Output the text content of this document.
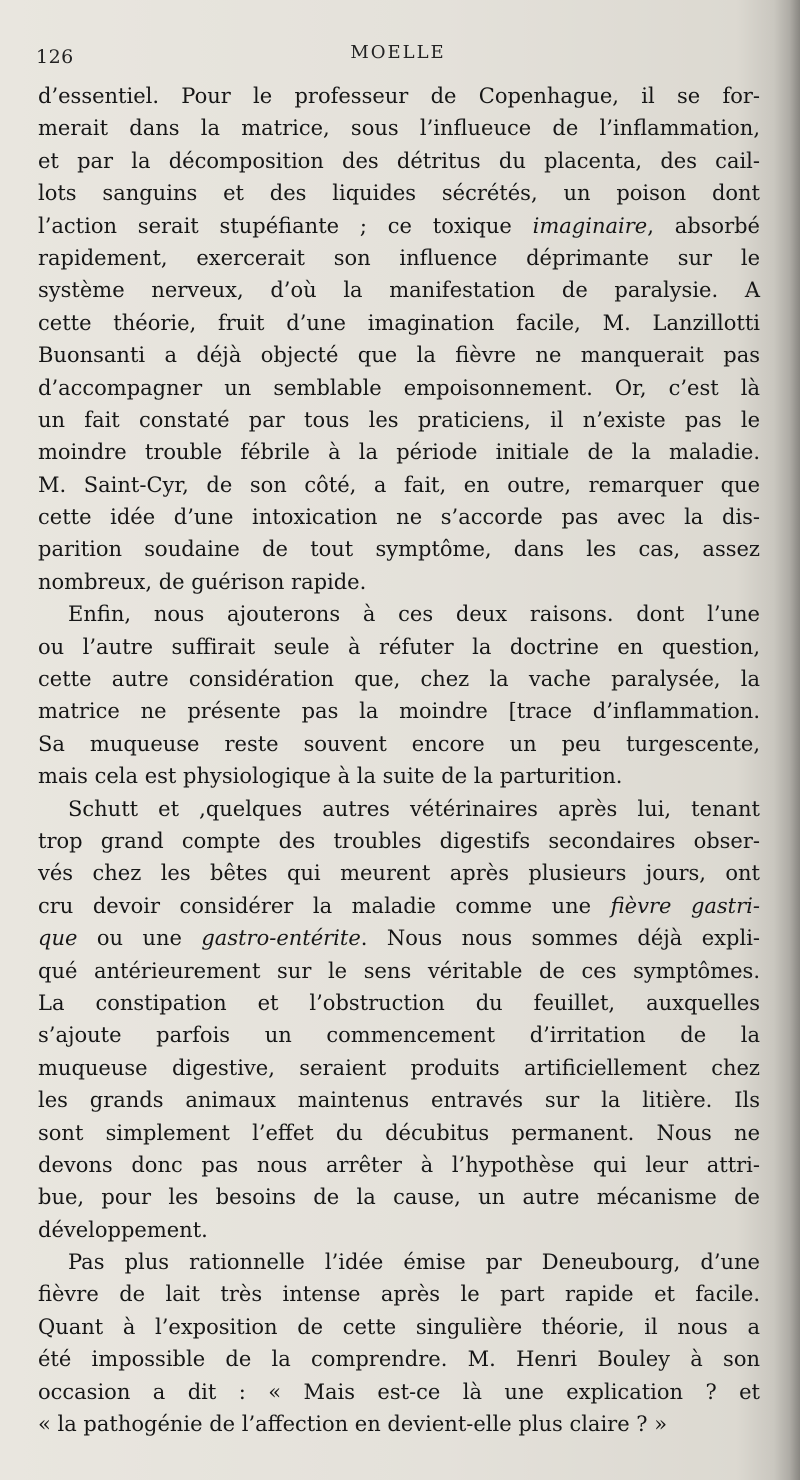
126	MOELLE
d’essentiel. Pour le professeur de Copenhague, il se for-
merait dans la matrice, sous l’influeuce de l’inflammation,
et par la décomposition des détritus du placenta, des cail-
lots sanguins et des liquides sécrétés, un poison dont
l’action serait stupéfiante ; ce toxique imaginaire, absorbé
rapidement, exercerait son influence déprimante sur le
système nerveux, d’où la manifestation de paralysie. A
cette théorie, fruit d’une imagination facile, M. Lanzillotti
Buonsanti a déjà objecté que la fièvre ne manquerait pas
d’accompagner un semblable empoisonnement. Or, c’est là
un fait constaté par tous les praticiens, il n’existe pas le
moindre trouble fébrile à la période initiale de la maladie.
M. Saint-Cyr, de son côté, a fait, en outre, remarquer que
cette idée d’une intoxication ne s’accorde pas avec la dis-
parition soudaine de tout symptôme, dans les cas, assez
nombreux, de guérison rapide.
Enfin, nous ajouterons à ces deux raisons. dont l’une
ou l’autre suffirait seule à réfuter la doctrine en question,
cette autre considération que, chez la vache paralysée, la
matrice ne présente pas la moindre [trace d’inflammation.
Sa muqueuse reste souvent encore un peu turgescente,
mais cela est physiologique à la suite de la parturition.
Schutt et ,quelques autres vétérinaires après lui, tenant
trop grand compte des troubles digestifs secondaires obser-
vés chez les bêtes qui meurent après plusieurs jours, ont
cru devoir considérer la maladie comme une fièvre gastri-
que ou une gastro-entérite. Nous nous sommes déjà expli-
qué antérieurement sur le sens véritable de ces symptômes.
La constipation et l’obstruction du feuillet, auxquelles
s’ajoute parfois un commencement d’irritation de la
muqueuse digestive, seraient produits artificiellement chez
les grands animaux maintenus entravés sur la litière. Ils
sont simplement l’effet du décubitus permanent. Nous ne
devons donc pas nous arrêter à l’hypothèse qui leur attri-
bue, pour les besoins de la cause, un autre mécanisme de
développement.
Pas plus rationnelle l’idée émise par Deneubourg, d’une
fièvre de lait très intense après le part rapide et facile.
Quant à l’exposition de cette singulière théorie, il nous a
été impossible de la comprendre. M. Henri Bouley à son
occasion a dit : « Mais est-ce là une explication ? et
« la pathogénie de l’affection en devient-elle plus claire ? »
